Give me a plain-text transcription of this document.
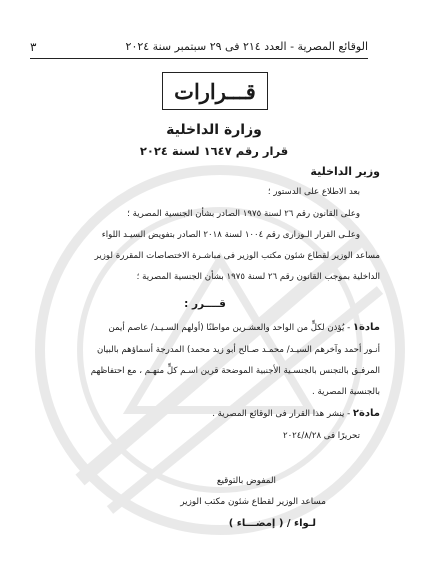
الوقائع المصرية - العدد ٢١٤ فى ٢٩ سبتمبر سنة ٢٠٢٤
٣
قـــرارات
وزارة الداخلية
قرار رقم ١٦٤٧ لسنة ٢٠٢٤
وزير الداخلية
بعد الاطلاع على الدستور ؛
وعلى القانون رقم ٢٦ لسنة ١٩٧٥ الصادر بشأن الجنسية المصرية ؛
وعلـى القرار الـوزارى رقم ١٠٠٤ لسنة ٢٠١٨ الصادر بتفويض السيـد اللواء
مساعد الوزير لقطاع شئون مكتب الوزير فى مباشـرة الاختصاصات المقررة لوزير
الداخلية بموجب القانون رقم ٢٦ لسنة ١٩٧٥ بشأن الجنسية المصرية ؛
قــــرر :
مادة١ - يُؤذن لكلٍّ من الواحد والعشـرين مواطنًا (أولهم السـيـد/ عاصم أيمن
أنـور أحمد وآخرهم السيـد/ محمـد صـالح أبو زيد محمد) المدرجة أسماؤهم بالبيان
المرفـق بالتجنس بالجنسـية الأجنبية الموضحة قرين اسـم كلٍّ منهـم ، مع احتفاظهم
بالجنسية المصرية .
مادة٢ - ينشر هذا القرار فى الوقائع المصرية .
تحريرًا فى ٢٠٢٤/٨/٢٨
المفوض بالتوقيع
مساعد الوزير لقطاع شئون مكتب الوزير
لـواء / ( إمضـــاء )
